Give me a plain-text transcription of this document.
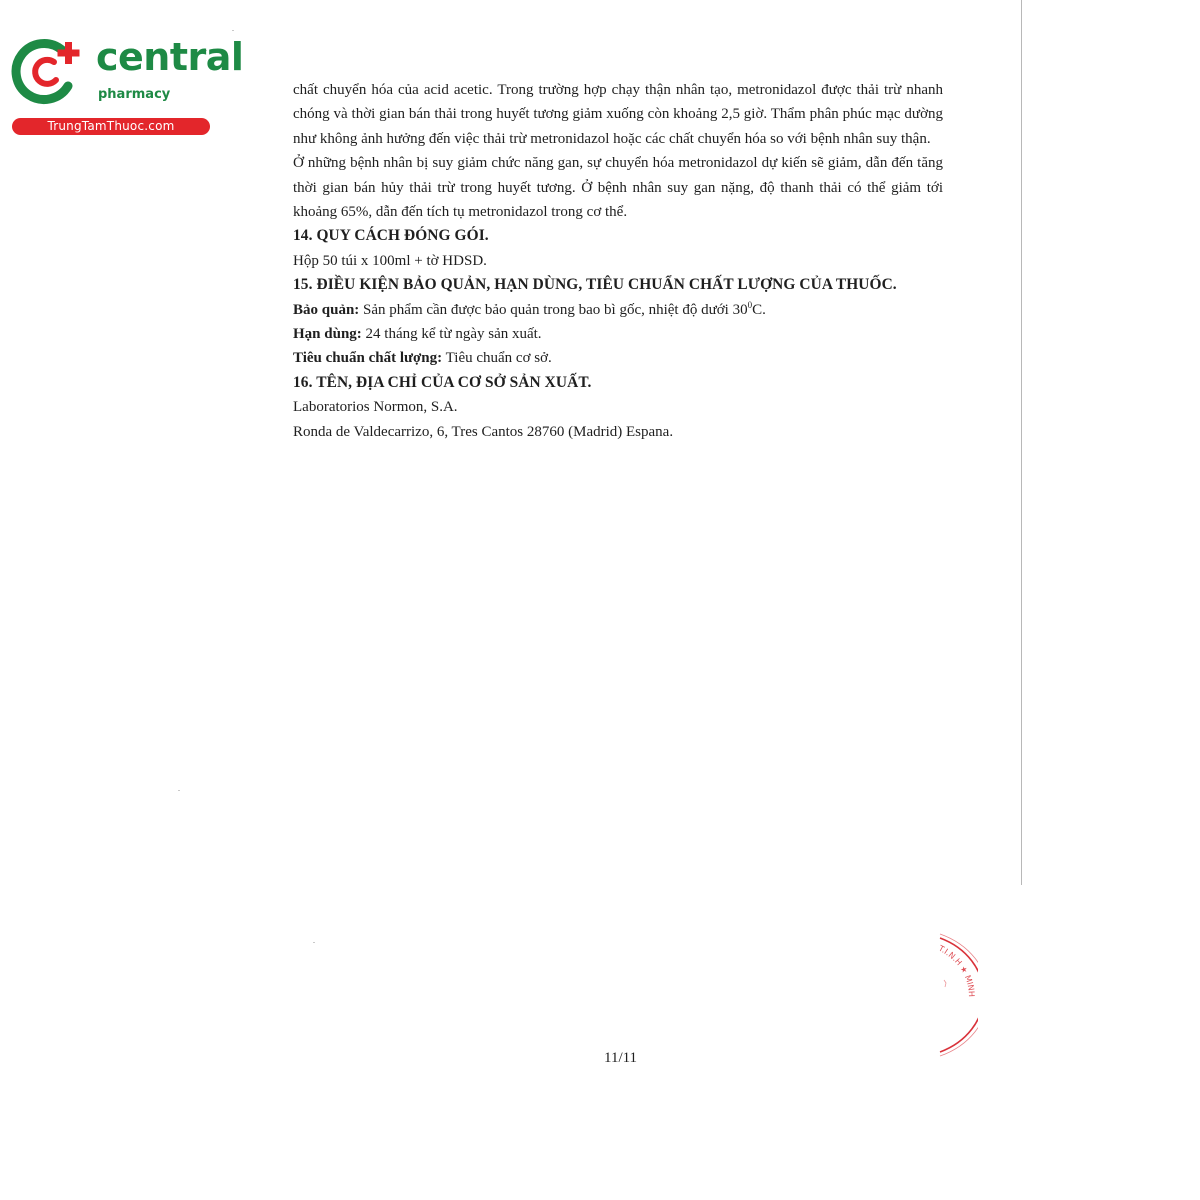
central
pharmacy
TrungTamThuoc.com

chất chuyển hóa của acid acetic. Trong trường hợp chạy thận nhân tạo, metronidazol được thải trừ nhanh chóng và thời gian bán thải trong huyết tương giảm xuống còn khoảng 2,5 giờ. Thẩm phân phúc mạc dường như không ảnh hưởng đến việc thải trừ metronidazol hoặc các chất chuyển hóa so với bệnh nhân suy thận.

Ở những bệnh nhân bị suy giảm chức năng gan, sự chuyển hóa metronidazol dự kiến sẽ giảm, dẫn đến tăng thời gian bán hủy thải trừ trong huyết tương. Ở bệnh nhân suy gan nặng, độ thanh thải có thể giảm tới khoảng 65%, dẫn đến tích tụ metronidazol trong cơ thể.

14. QUY CÁCH ĐÓNG GÓI.

Hộp 50 túi x 100ml + tờ HDSD.

15. ĐIỀU KIỆN BẢO QUẢN, HẠN DÙNG, TIÊU CHUẨN CHẤT LƯỢNG CỦA THUỐC.

Bảo quản: Sản phẩm cần được bảo quản trong bao bì gốc, nhiệt độ dưới $30^0C$.

Hạn dùng: 24 tháng kể từ ngày sản xuất.

Tiêu chuẩn chất lượng: Tiêu chuẩn cơ sở.

16. TÊN, ĐỊA CHỈ CỦA CƠ SỞ SẢN XUẤT.

Laboratorios Normon, S.A.

Ronda de Valdecarrizo, 6, Tres Cantos 28760 (Madrid) Espana.

11/11
T.I.N.H ★ MINH
